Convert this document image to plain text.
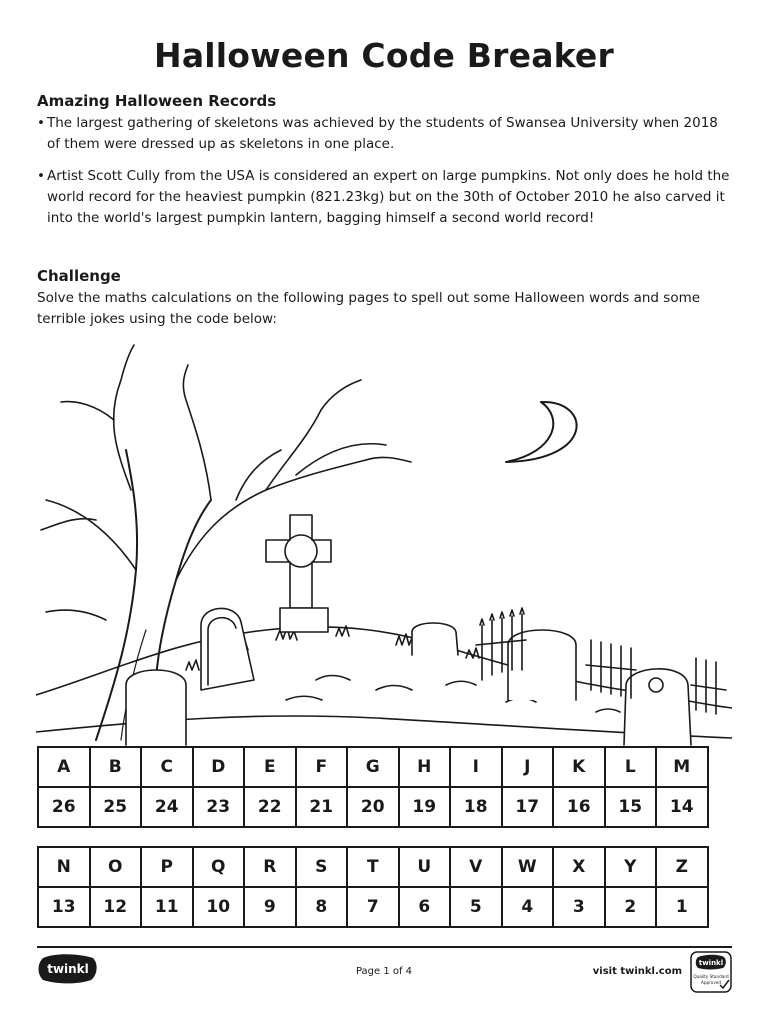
Halloween Code Breaker
Amazing Halloween Records
• The largest gathering of skeletons was achieved by the students of Swansea University when 2018 of them were dressed up as skeletons in one place.
• Artist Scott Cully from the USA is considered an expert on large pumpkins. Not only does he hold the world record for the heaviest pumpkin (821.23kg) but on the 30th of October 2010 he also carved it into the world's largest pumpkin lantern, bagging himself a second world record!
Challenge
Solve the maths calculations on the following pages to spell out some Halloween words and some terrible jokes using the code below:
A	B	C	D	E	F	G	H	I	J	K	L	M
26	25	24	23	22	21	20	19	18	17	16	15	14
N	O	P	Q	R	S	T	U	V	W	X	Y	Z
13	12	11	10	9	8	7	6	5	4	3	2	1
twinkl	Page 1 of 4	visit twinkl.com
twinkl
Quality Standard
Approved
